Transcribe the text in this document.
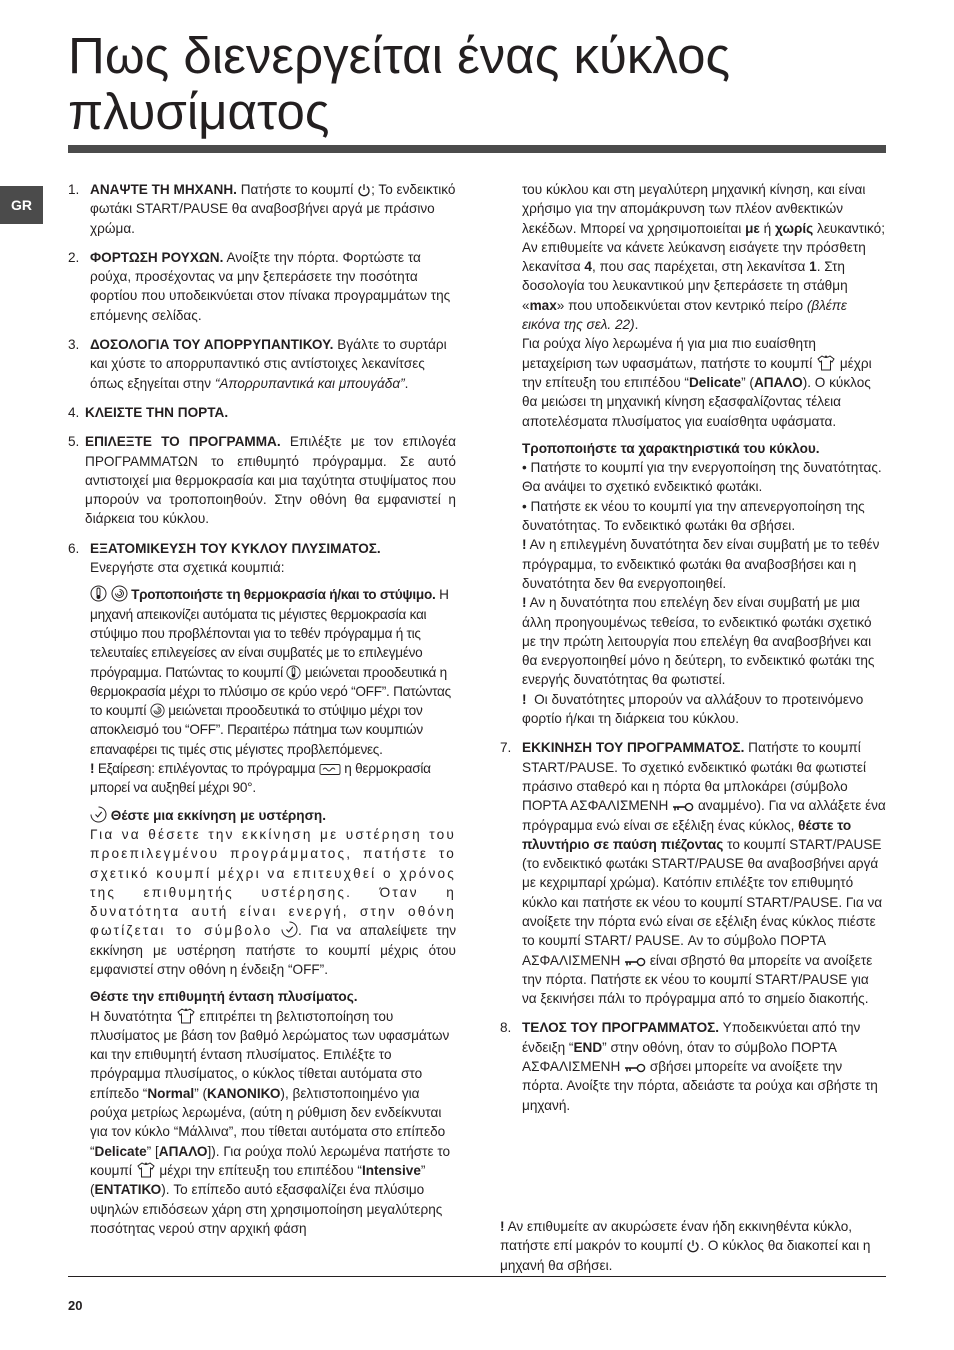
Πως διενεργείται ένας κύκλος
πλυσίματος
GR
1. ΑΝΑΨΤΕ ΤΗ ΜΗΧΑΝΗ. Πατήστε το κουμπί ; Το ενδεικτικό φωτάκι START/PAUSE θα αναβοσβήνει αργά με πράσινο χρώμα.

2. ΦΟΡΤΩΣΗ ΡΟΥΧΩΝ. Ανοίξτε την πόρτα. Φορτώστε τα ρούχα, προσέχοντας να μην ξεπεράσετε την ποσότητα φορτίου που υποδεικνύεται στον πίνακα προγραμμάτων της επόμενης σελίδας.

3. ΔΟΣΟΛΟΓΙΑ ΤΟΥ ΑΠΟΡΡΥΠΑΝΤΙΚΟΥ. Βγάλτε το συρτάρι και χύστε το απορρυπαντικό στις αντίστοιχες λεκανίτσες όπως εξηγείται στην “Απορρυπαντικά και μπουγάδα”.

4. ΚΛΕΙΣΤΕ ΤΗΝ ΠΟΡΤΑ.

5. ΕΠΙΛΕΞΤΕ ΤΟ ΠΡΟΓΡΑΜΜΑ. Επιλέξτε με τον επιλογέα ΠΡΟΓΡΑΜΜΑΤΩΝ το επιθυμητό πρόγραμμα. Σε αυτό αντιστοιχεί μια θερμοκρασία και μια ταχύτητα στυψίματος που μπορούν να τροποποιηθούν. Στην οθόνη θα εμφανιστεί η διάρκεια του κύκλου.

6. ΕΞΑΤΟΜΙΚΕΥΣΗ ΤΟΥ ΚΥΚΛΟΥ ΠΛΥΣΙΜΑΤΟΣ.

Ενεργήστε στα σχετικά κουμπιά:

Τροποποιήστε τη θερμοκρασία ή/και το στύψιμο. Η μηχανή απεικονίζει αυτόματα τις μέγιστες θερμοκρασία και στύψιμο που προβλέπονται για το τεθέν πρόγραμμα ή τις τελευταίες επιλεγείσες αν είναι συμβατές με το επιλεγμένο πρόγραμμα. Πατώντας το κουμπί μειώνεται προοδευτικά η θερμοκρασία μέχρι το πλύσιμο σε κρύο νερό “OFF”. Πατώντας το κουμπί μειώνεται προοδευτικά το στύψιμο μέχρι τον αποκλεισμό του “OFF”. Περαιτέρω πάτημα των κουμπιών επαναφέρει τις τιμές στις μέγιστες προβλεπόμενες.

! Εξαίρεση: επιλέγοντας το πρόγραμμα η θερμοκρασία μπορεί να αυξηθεί μέχρι 90°.

Θέστε μια εκκίνηση με υστέρηση.

Για να θέσετε την εκκίνηση με υστέρηση του προεπιλεγμένου προγράμματος, πατήστε το σχετικό κουμπί μέχρι να επιτευχθεί ο χρόνος της επιθυμητής υστέρησης. Όταν η δυνατότητα αυτή είναι ενεργή, στην οθόνη φωτίζεται το σύμβολο . Για να απαλείψετε την εκκίνηση με υστέρηση πατήστε το κουμπί μέχρις ότου εμφανιστεί στην οθόνη η ένδειξη “OFF”.

Θέστε την επιθυμητή ένταση πλυσίματος.

Η δυνατότητα επιτρέπει τη βελτιστοποίηση του πλυσίματος με βάση τον βαθμό λερώματος των υφασμάτων και την επιθυμητή ένταση πλυσίματος. Επιλέξτε το πρόγραμμα πλυσίματος, ο κύκλος τίθεται αυτόματα στο επίπεδο “Normal” (ΚΑΝΟΝΙΚΟ), βελτιστοποιημένο για ρούχα μετρίως λερωμένα, (αύτη η ρύθμιση δεν ενδείκνυται για τον κύκλο “Μάλλινα”, που τίθεται αυτόματα στο επίπεδο “Delicate” [ΑΠΑΛΟ]). Για ρούχα πολύ λερωμένα πατήστε το κουμπί μέχρι την επίτευξη του επιπέδου “Intensive” (ΕΝΤΑΤΙΚΟ). Το επίπεδο αυτό εξασφαλίζει ένα πλύσιμο υψηλών επιδόσεων χάρη στη χρησιμοποίηση μεγαλύτερης ποσότητας νερού στην αρχική φάση

του κύκλου και στη μεγαλύτερη μηχανική κίνηση, και είναι χρήσιμο για την απομάκρυνση των πλέον ανθεκτικών λεκέδων. Μπορεί να χρησιμοποιείται με ή χωρίς λευκαντικό; Αν επιθυμείτε να κάνετε λεύκανση εισάγετε την πρόσθετη λεκανίτσα 4, που σας παρέχεται, στη λεκανίτσα 1. Στη δοσολογία του λευκαντικού μην ξεπεράσετε τη στάθμη «max» που υποδεικνύεται στον κεντρικό πείρο (βλέπε εικόνα της σελ. 22).

Για ρούχα λίγο λερωμένα ή για μια πιο ευαίσθητη μεταχείριση των υφασμάτων, πατήστε το κουμπί μέχρι την επίτευξη του επιπέδου “Delicate” (ΑΠΑΛΟ). Ο κύκλος θα μειώσει τη μηχανική κίνηση εξασφαλίζοντας τέλεια αποτελέσματα πλυσίματος για ευαίσθητα υφάσματα.

Τροποποιήστε τα χαρακτηριστικά του κύκλου.

• Πατήστε το κουμπί για την ενεργοποίηση της δυνατότητας. Θα ανάψει το σχετικό ενδεικτικό φωτάκι.

• Πατήστε εκ νέου το κουμπί για την απενεργοποίηση της δυνατότητας. Το ενδεικτικό φωτάκι θα σβήσει.

! Αν η επιλεγμένη δυνατότητα δεν είναι συμβατή με το τεθέν πρόγραμμα, το ενδεικτικό φωτάκι θα αναβοσβήσει και η δυνατότητα δεν θα ενεργοποιηθεί.

! Αν η δυνατότητα που επελέγη δεν είναι συμβατή με μια άλλη προηγουμένως τεθείσα, το ενδεικτικό φωτάκι σχετικό με την πρώτη λειτουργία που επελέγη θα αναβοσβήνει και θα ενεργοποιηθεί μόνο η δεύτερη, το ενδεικτικό φωτάκι της ενεργής δυνατότητας θα φωτιστεί.

! Οι δυνατότητες μπορούν να αλλάξουν το προτεινόμενο φορτίο ή/και τη διάρκεια του κύκλου.

7. ΕΚΚΙΝΗΣΗ ΤΟΥ ΠΡΟΓΡΑΜΜΑΤΟΣ. Πατήστε το κουμπί START/PAUSE. Το σχετικό ενδεικτικό φωτάκι θα φωτιστεί πράσινο σταθερό και η πόρτα θα μπλοκάρει (σύμβολο ΠΟΡΤΑ ΑΣΦΑΛΙΣΜΕΝΗ αναμμένο). Για να αλλάξετε ένα πρόγραμμα ενώ είναι σε εξέλιξη ένας κύκλος, θέστε το πλυντήριο σε παύση πιέζοντας το κουμπί START/PAUSE (το ενδεικτικό φωτάκι START/PAUSE θα αναβοσβήνει αργά με κεχριμπαρί χρώμα). Κατόπιν επιλέξτε τον επιθυμητό κύκλο και πατήστε εκ νέου το κουμπί START/PAUSE. Για να ανοίξετε την πόρτα ενώ είναι σε εξέλιξη ένας κύκλος πιέστε το κουμπί START/ PAUSE. Αν το σύμβολο ΠΟΡΤΑ ΑΣΦΑΛΙΣΜΕΝΗ είναι σβηστό θα μπορείτε να ανοίξετε την πόρτα. Πατήστε εκ νέου το κουμπί START/PAUSE για να ξεκινήσει πάλι το πρόγραμμα από το σημείο διακοπής.

8. ΤΕΛΟΣ ΤΟΥ ΠΡΟΓΡΑΜΜΑΤΟΣ. Υποδεικνύεται από την ένδειξη “END” στην οθόνη, όταν το σύμβολο ΠΟΡΤΑ ΑΣΦΑΛΙΣΜΕΝΗ σβήσει μπορείτε να ανοίξετε την πόρτα. Ανοίξτε την πόρτα, αδειάστε τα ρούχα και σβήστε τη μηχανή.

! Αν επιθυμείτε αν ακυρώσετε έναν ήδη εκκινηθέντα κύκλο, πατήστε επί μακρόν το κουμπί . Ο κύκλος θα διακοπεί και η μηχανή θα σβήσει.

20
